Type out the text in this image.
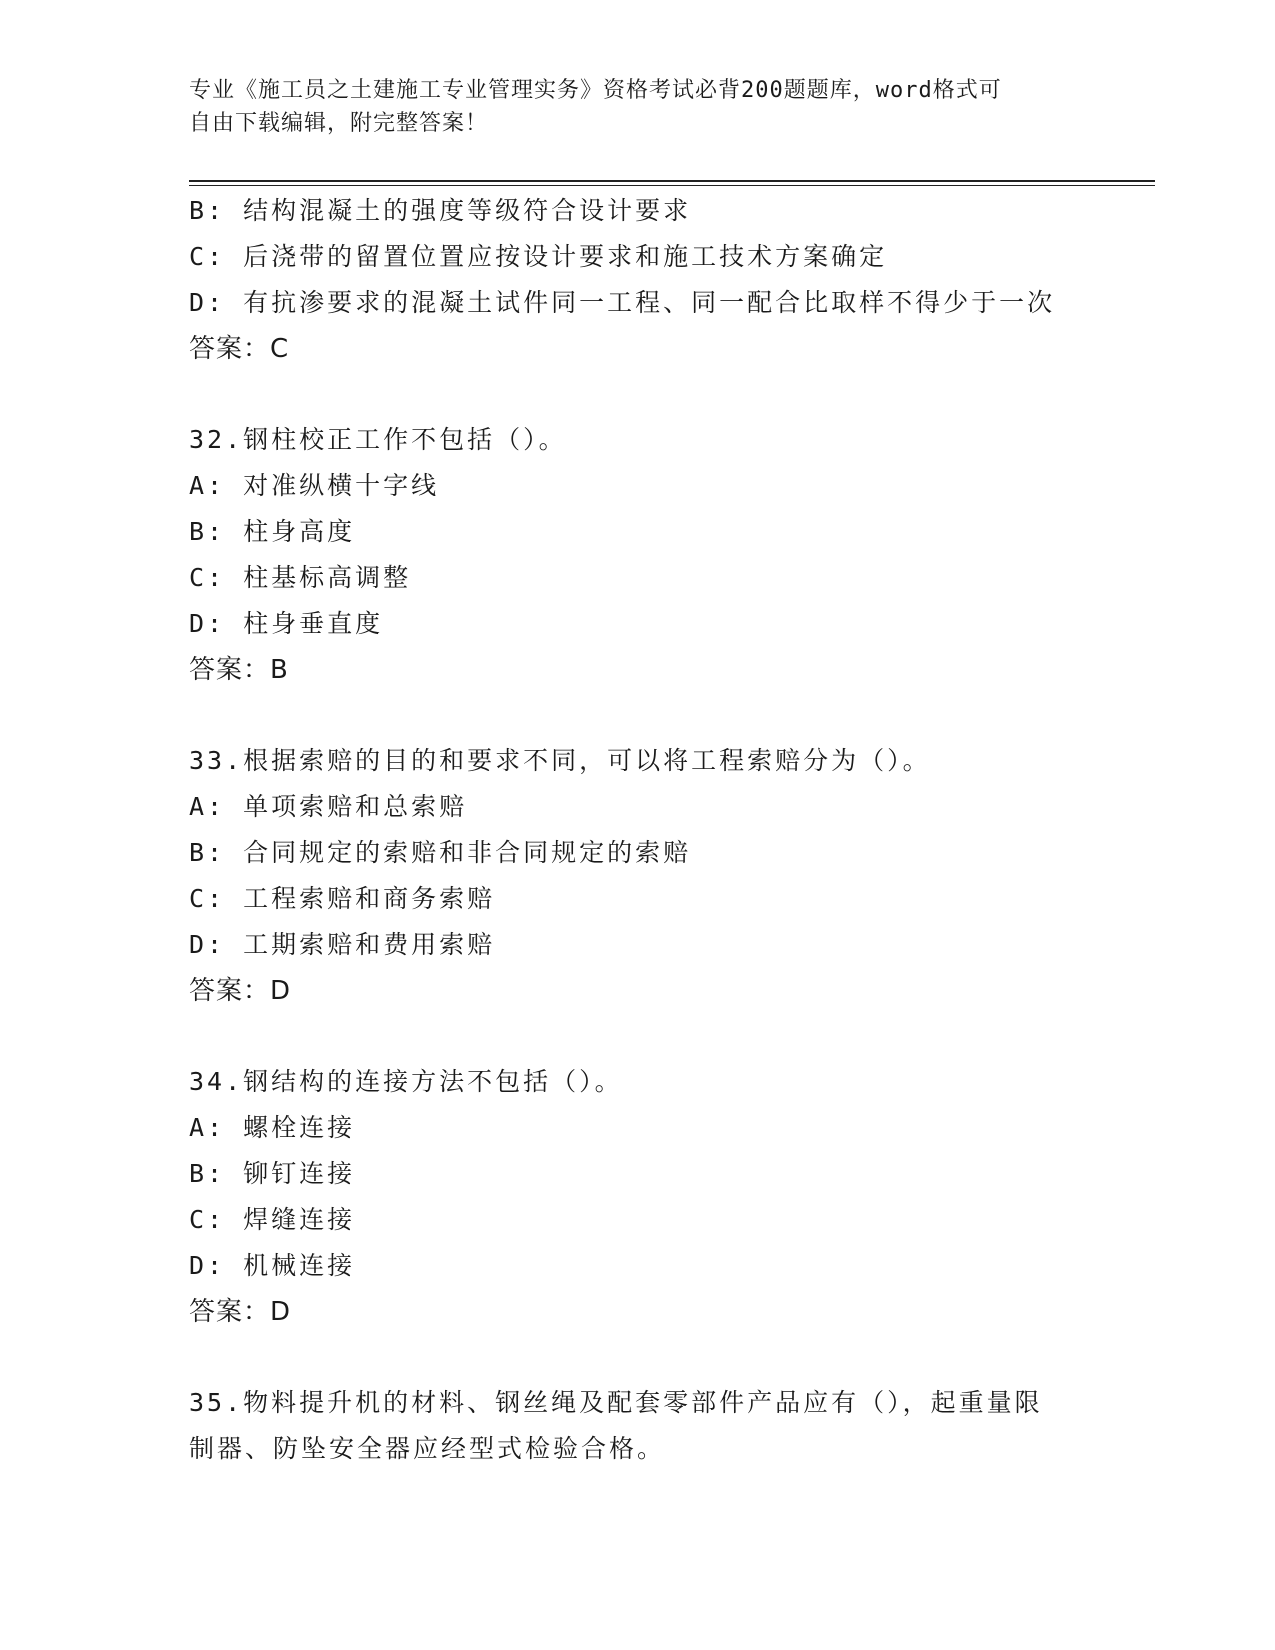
专业《施工员之土建施工专业管理实务》资格考试必背200题题库，word格式可
自由下载编辑，附完整答案！
B: 结构混凝土的强度等级符合设计要求
C: 后浇带的留置位置应按设计要求和施工技术方案确定
D: 有抗渗要求的混凝土试件同一工程、同一配合比取样不得少于一次
答案：C
32.钢柱校正工作不包括（）。
A: 对准纵横十字线
B: 柱身高度
C: 柱基标高调整
D: 柱身垂直度
答案：B
33.根据索赔的目的和要求不同，可以将工程索赔分为（）。
A: 单项索赔和总索赔
B: 合同规定的索赔和非合同规定的索赔
C: 工程索赔和商务索赔
D: 工期索赔和费用索赔
答案：D
34.钢结构的连接方法不包括（）。
A: 螺栓连接
B: 铆钉连接
C: 焊缝连接
D: 机械连接
答案：D
35.物料提升机的材料、钢丝绳及配套零部件产品应有（），起重量限
制器、防坠安全器应经型式检验合格。
